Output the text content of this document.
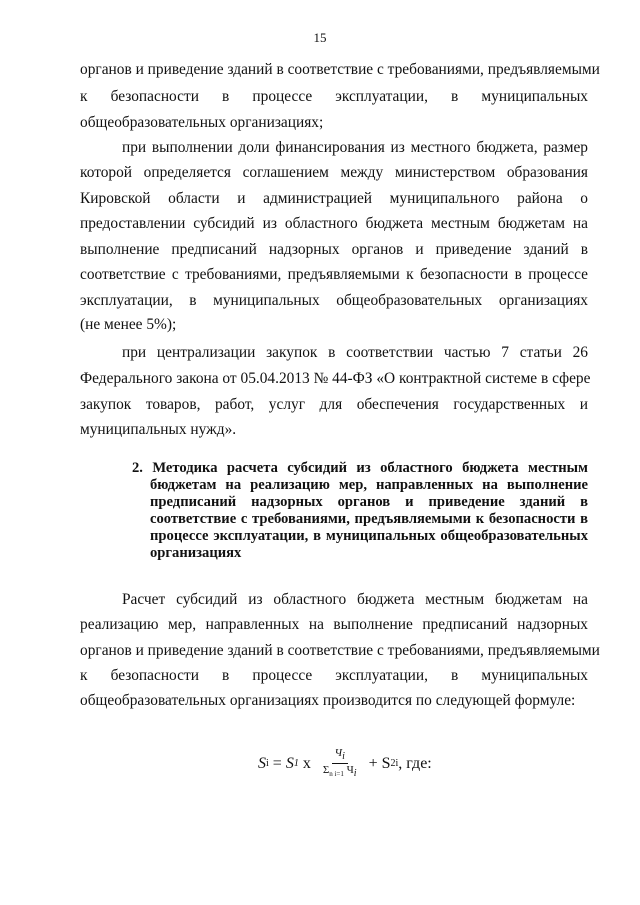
15
органов и приведение зданий в соответствие с требованиями, предъявляемыми
к безопасности в процессе эксплуатации, в муниципальных
общеобразовательных организациях;
при выполнении доли финансирования из местного бюджета, размер
которой определяется соглашением между министерством образования
Кировской области и администрацией муниципального района о
предоставлении субсидий из областного бюджета местным бюджетам на
выполнение предписаний надзорных органов и приведение зданий в
соответствие с требованиями, предъявляемыми к безопасности в процессе
эксплуатации, в муниципальных общеобразовательных организациях
(не менее 5%);
при централизации закупок в соответствии частью 7 статьи 26
Федерального закона от 05.04.2013 № 44-ФЗ «О контрактной системе в сфере
закупок товаров, работ, услуг для обеспечения государственных и
муниципальных нужд».
2. Методика расчета субсидий из областного бюджета местным
бюджетам на реализацию мер, направленных на выполнение
предписаний надзорных органов и приведение зданий в
соответствие с требованиями, предъявляемыми к безопасности в
процессе эксплуатации, в муниципальных общеобразовательных
организациях
Расчет субсидий из областного бюджета местным бюджетам на
реализацию мер, направленных на выполнение предписаний надзорных
органов и приведение зданий в соответствие с требованиями, предъявляемыми
к безопасности в процессе эксплуатации, в муниципальных
общеобразовательных организациях производится по следующей формуле:
S i = S 1 x $\frac{Ч_i}{\Sigma_{n i=1} Ч_i} + S$ 2i , где:
